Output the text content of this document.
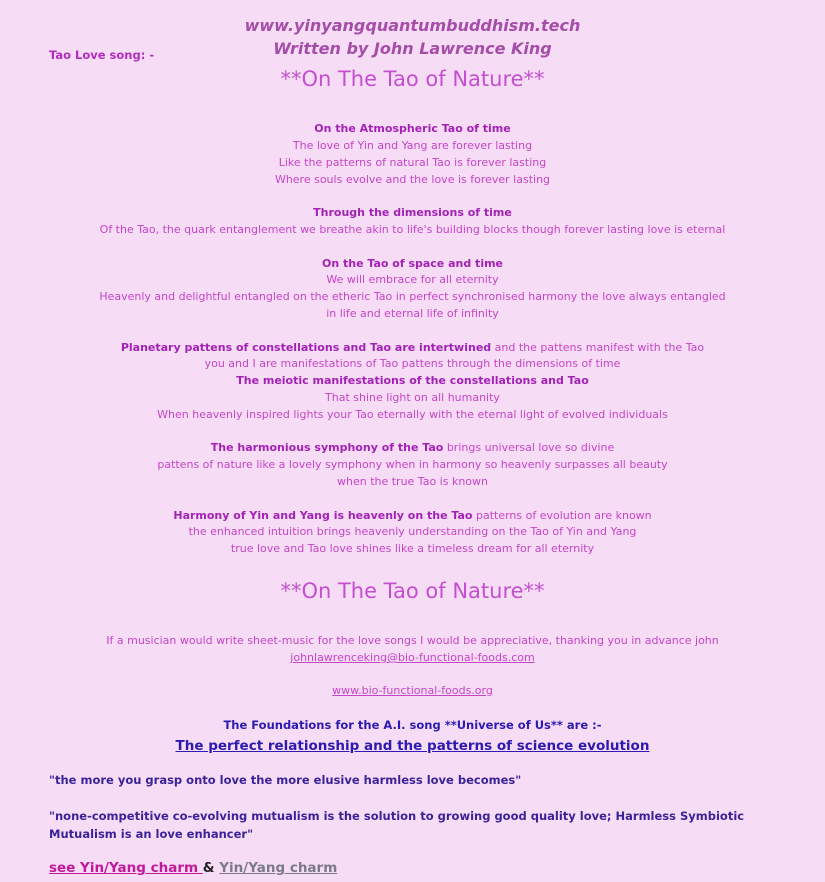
www.yinyangquantumbuddhism.tech
Written by John Lawrence King
Tao Love song: -
**On The Tao of Nature**
On the Atmospheric Tao of time
The love of Yin and Yang are forever lasting
Like the patterns of natural Tao is forever lasting
Where souls evolve and the love is forever lasting
Through the dimensions of time
Of the Tao, the quark entanglement we breathe akin to life's building blocks though forever lasting love is eternal
On the Tao of space and time
We will embrace for all eternity
Heavenly and delightful entangled on the etheric Tao in perfect synchronised harmony the love always entangled
in life and eternal life of infinity
Planetary pattens of constellations and Tao are intertwined and the pattens manifest with the Tao
you and I are manifestations of Tao pattens through the dimensions of time
The meiotic manifestations of the constellations and Tao
That shine light on all humanity
When heavenly inspired lights your Tao eternally with the eternal light of evolved individuals
The harmonious symphony of the Tao brings universal love so divine
pattens of nature like a lovely symphony when in harmony so heavenly surpasses all beauty
when the true Tao is known
Harmony of Yin and Yang is heavenly on the Tao patterns of evolution are known
the enhanced intuition brings heavenly understanding on the Tao of Yin and Yang
true love and Tao love shines like a timeless dream for all eternity
**On The Tao of Nature**
If a musician would write sheet-music for the love songs I would be appreciative, thanking you in advance john
johnlawrenceking@bio-functional-foods.com
www.bio-functional-foods.org
The Foundations for the A.I. song **Universe of Us** are :-
The perfect relationship and the patterns of science evolution
"the more you grasp onto love the more elusive harmless love becomes"
"none-competitive co-evolving mutualism is the solution to growing good quality love; Harmless Symbiotic Mutualism is an love enhancer"
see Yin/Yang charm & Yin/Yang charm
